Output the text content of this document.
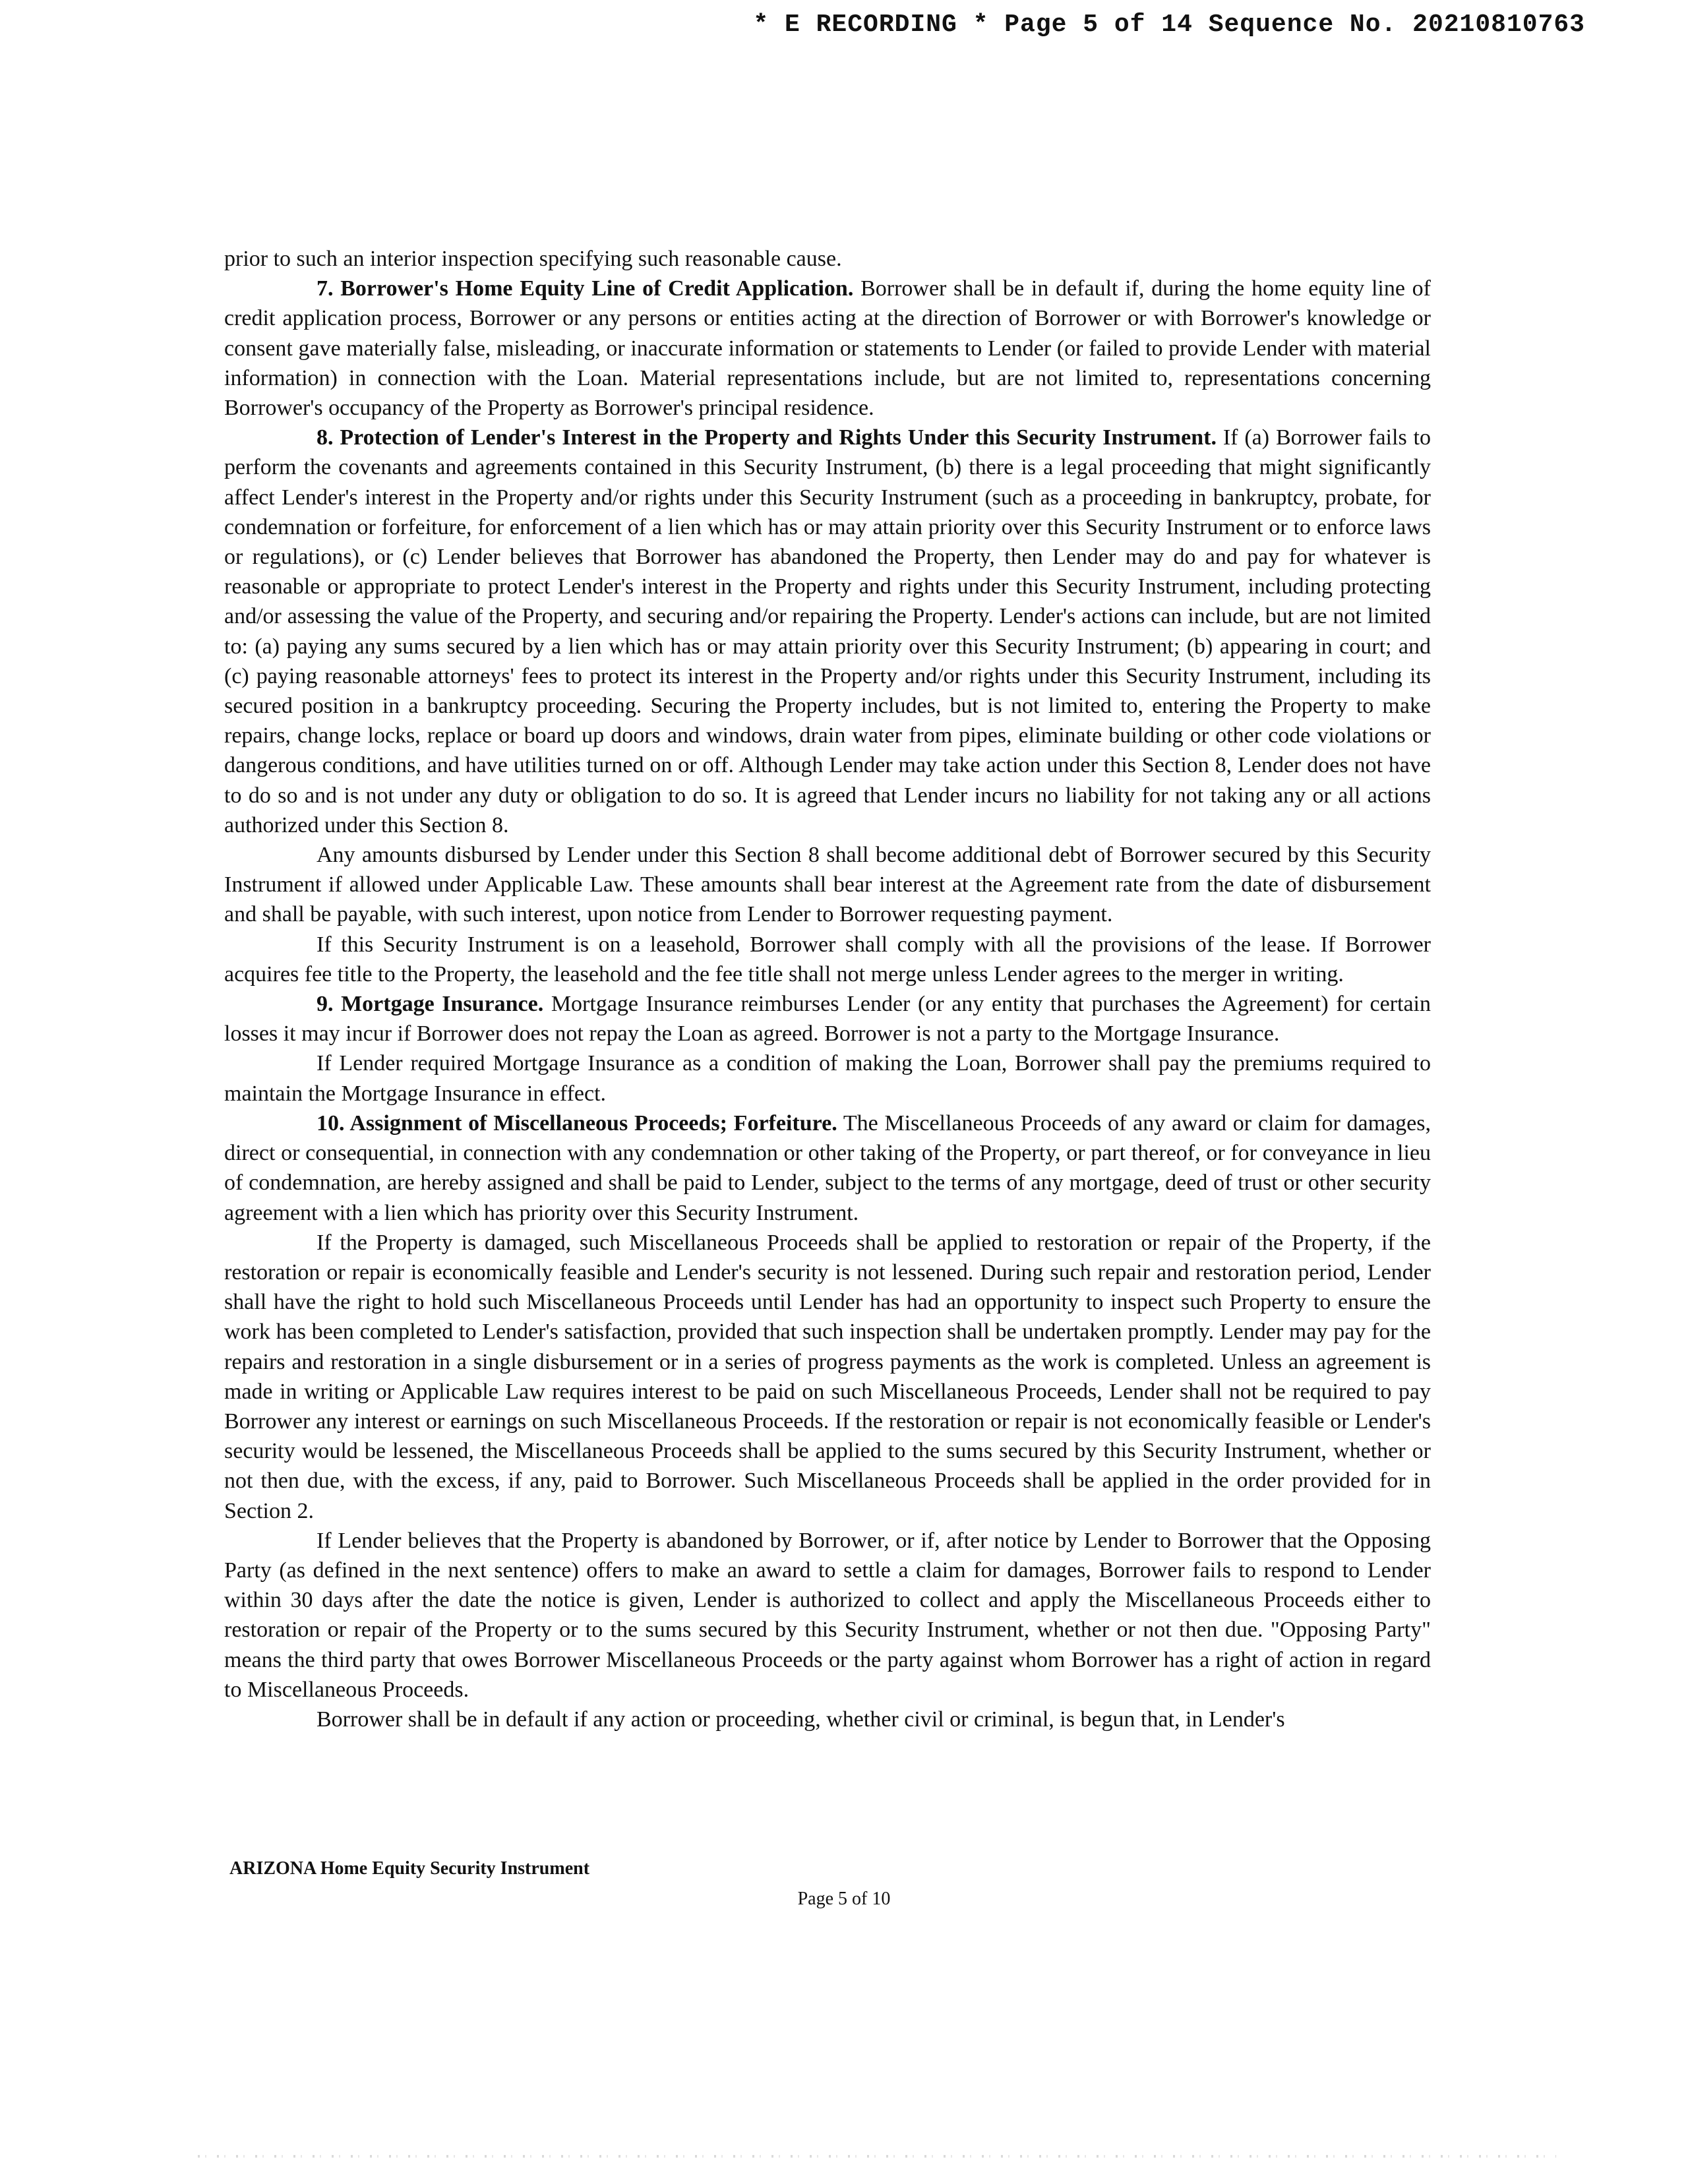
* E RECORDING * Page 5 of 14 Sequence No. 20210810763

prior to such an interior inspection specifying such reasonable cause.

7. Borrower's Home Equity Line of Credit Application. Borrower shall be in default if, during the home equity line of credit application process, Borrower or any persons or entities acting at the direction of Borrower or with Borrower's knowledge or consent gave materially false, misleading, or inaccurate information or statements to Lender (or failed to provide Lender with material information) in connection with the Loan. Material representations include, but are not limited to, representations concerning Borrower's occupancy of the Property as Borrower's principal residence.

8. Protection of Lender's Interest in the Property and Rights Under this Security Instrument. If (a) Borrower fails to perform the covenants and agreements contained in this Security Instrument, (b) there is a legal proceeding that might significantly affect Lender's interest in the Property and/or rights under this Security Instrument (such as a proceeding in bankruptcy, probate, for condemnation or forfeiture, for enforcement of a lien which has or may attain priority over this Security Instrument or to enforce laws or regulations), or (c) Lender believes that Borrower has abandoned the Property, then Lender may do and pay for whatever is reasonable or appropriate to protect Lender's interest in the Property and rights under this Security Instrument, including protecting and/or assessing the value of the Property, and securing and/or repairing the Property. Lender's actions can include, but are not limited to: (a) paying any sums secured by a lien which has or may attain priority over this Security Instrument; (b) appearing in court; and (c) paying reasonable attorneys' fees to protect its interest in the Property and/or rights under this Security Instrument, including its secured position in a bankruptcy proceeding. Securing the Property includes, but is not limited to, entering the Property to make repairs, change locks, replace or board up doors and windows, drain water from pipes, eliminate building or other code violations or dangerous conditions, and have utilities turned on or off. Although Lender may take action under this Section 8, Lender does not have to do so and is not under any duty or obligation to do so. It is agreed that Lender incurs no liability for not taking any or all actions authorized under this Section 8.

Any amounts disbursed by Lender under this Section 8 shall become additional debt of Borrower secured by this Security Instrument if allowed under Applicable Law. These amounts shall bear interest at the Agreement rate from the date of disbursement and shall be payable, with such interest, upon notice from Lender to Borrower requesting payment.

If this Security Instrument is on a leasehold, Borrower shall comply with all the provisions of the lease. If Borrower acquires fee title to the Property, the leasehold and the fee title shall not merge unless Lender agrees to the merger in writing.

9. Mortgage Insurance. Mortgage Insurance reimburses Lender (or any entity that purchases the Agreement) for certain losses it may incur if Borrower does not repay the Loan as agreed. Borrower is not a party to the Mortgage Insurance.

If Lender required Mortgage Insurance as a condition of making the Loan, Borrower shall pay the premiums required to maintain the Mortgage Insurance in effect.

10. Assignment of Miscellaneous Proceeds; Forfeiture. The Miscellaneous Proceeds of any award or claim for damages, direct or consequential, in connection with any condemnation or other taking of the Property, or part thereof, or for conveyance in lieu of condemnation, are hereby assigned and shall be paid to Lender, subject to the terms of any mortgage, deed of trust or other security agreement with a lien which has priority over this Security Instrument.

If the Property is damaged, such Miscellaneous Proceeds shall be applied to restoration or repair of the Property, if the restoration or repair is economically feasible and Lender's security is not lessened. During such repair and restoration period, Lender shall have the right to hold such Miscellaneous Proceeds until Lender has had an opportunity to inspect such Property to ensure the work has been completed to Lender's satisfaction, provided that such inspection shall be undertaken promptly. Lender may pay for the repairs and restoration in a single disbursement or in a series of progress payments as the work is completed. Unless an agreement is made in writing or Applicable Law requires interest to be paid on such Miscellaneous Proceeds, Lender shall not be required to pay Borrower any interest or earnings on such Miscellaneous Proceeds. If the restoration or repair is not economically feasible or Lender's security would be lessened, the Miscellaneous Proceeds shall be applied to the sums secured by this Security Instrument, whether or not then due, with the excess, if any, paid to Borrower. Such Miscellaneous Proceeds shall be applied in the order provided for in Section 2.

If Lender believes that the Property is abandoned by Borrower, or if, after notice by Lender to Borrower that the Opposing Party (as defined in the next sentence) offers to make an award to settle a claim for damages, Borrower fails to respond to Lender within 30 days after the date the notice is given, Lender is authorized to collect and apply the Miscellaneous Proceeds either to restoration or repair of the Property or to the sums secured by this Security Instrument, whether or not then due. "Opposing Party" means the third party that owes Borrower Miscellaneous Proceeds or the party against whom Borrower has a right of action in regard to Miscellaneous Proceeds.

Borrower shall be in default if any action or proceeding, whether civil or criminal, is begun that, in Lender's

ARIZONA Home Equity Security Instrument
Page 5 of 10
